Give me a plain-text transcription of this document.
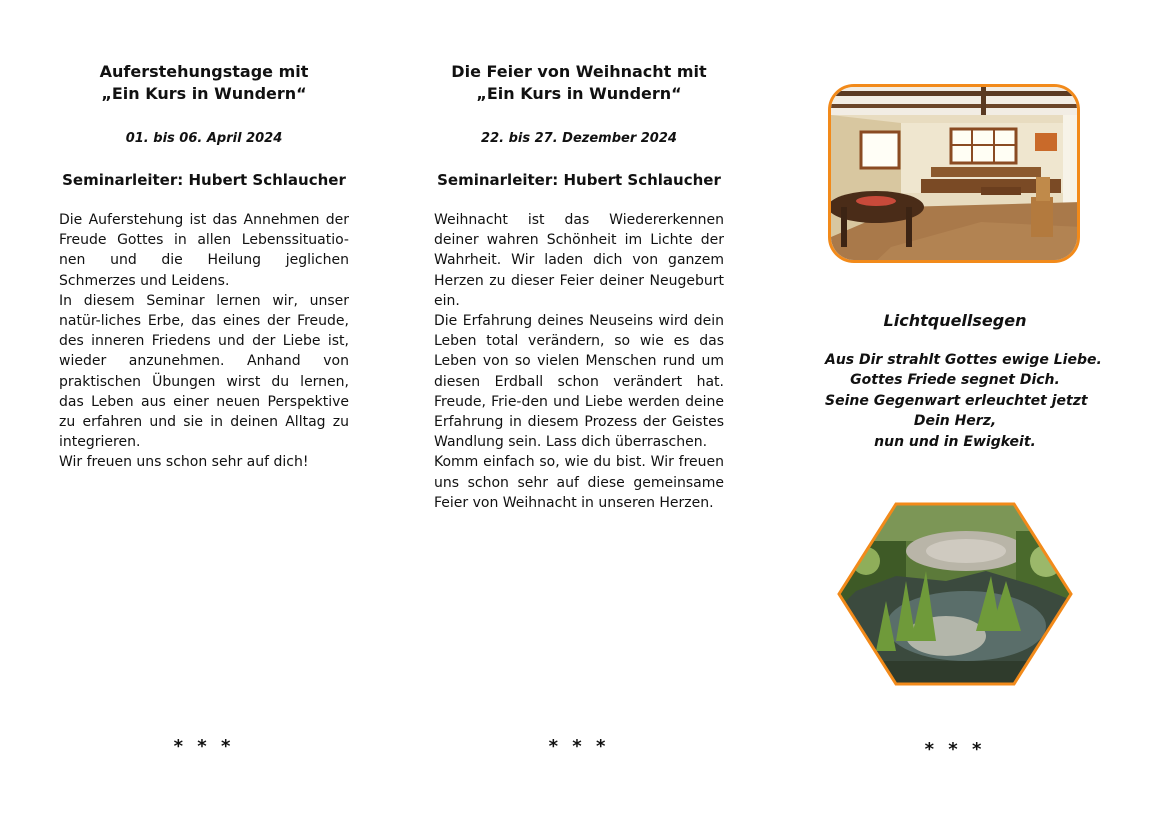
Auferstehungstage mit
„Ein Kurs in Wundern“
01. bis 06. April 2024
Seminarleiter: Hubert Schlaucher

Die Auferstehung ist das Annehmen der Freude Gottes in allen Lebenssituatio-nen und die Heilung jeglichen Schmerzes und Leidens.

In diesem Seminar lernen wir, unser natür-liches Erbe, das eines der Freude, des inneren Friedens und der Liebe ist, wieder anzunehmen. Anhand von praktischen Übungen wirst du lernen, das Leben aus einer neuen Perspektive zu erfahren und sie in deinen Alltag zu integrieren.

Wir freuen uns schon sehr auf dich!

* * *
Die Feier von Weihnacht mit
„Ein Kurs in Wundern“
22. bis 27. Dezember 2024
Seminarleiter: Hubert Schlaucher

Weihnacht ist das Wiedererkennen deiner wahren Schönheit im Lichte der Wahrheit. Wir laden dich von ganzem Herzen zu dieser Feier deiner Neugeburt ein.

Die Erfahrung deines Neuseins wird dein Leben total verändern, so wie es das Leben von so vielen Menschen rund um diesen Erdball schon verändert hat. Freude, Frie-den und Liebe werden deine Erfahrung in diesem Prozess der Geistes Wandlung sein. Lass dich überraschen.

Komm einfach so, wie du bist. Wir freuen uns schon sehr auf diese gemeinsame Feier von Weihnacht in unseren Herzen.

* * *
Lichtquellsegen
Aus Dir strahlt Gottes ewige Liebe.
Gottes Friede segnet Dich.
Seine Gegenwart erleuchtet jetzt
Dein Herz,
nun und in Ewigkeit.
* * *
